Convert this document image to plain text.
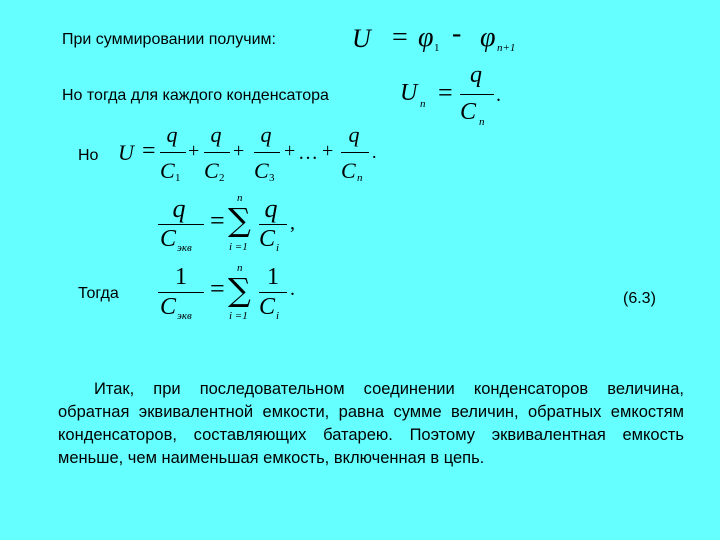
При суммировании получим:	U = φ 1 - φ n+1
Но тогда для каждого конденсатора	U n =
q
C n
.
Но U =
q
C 1
+
q
C 2
+
q
C 3
+ … +
q
C n
.
q
C экв
=
n
∑
i =1
q
C i
,
Тогда
1
C экв
=
n
∑
i =1
1
C i
.	(6.3)
Итак, при последовательном соединении конденсаторов величина, обратная эквивалентной емкости, равна сумме величин, обратных емкостям конденсаторов, составляющих батарею. Поэтому эквивалентная емкость меньше, чем наименьшая емкость, включенная в цепь.
